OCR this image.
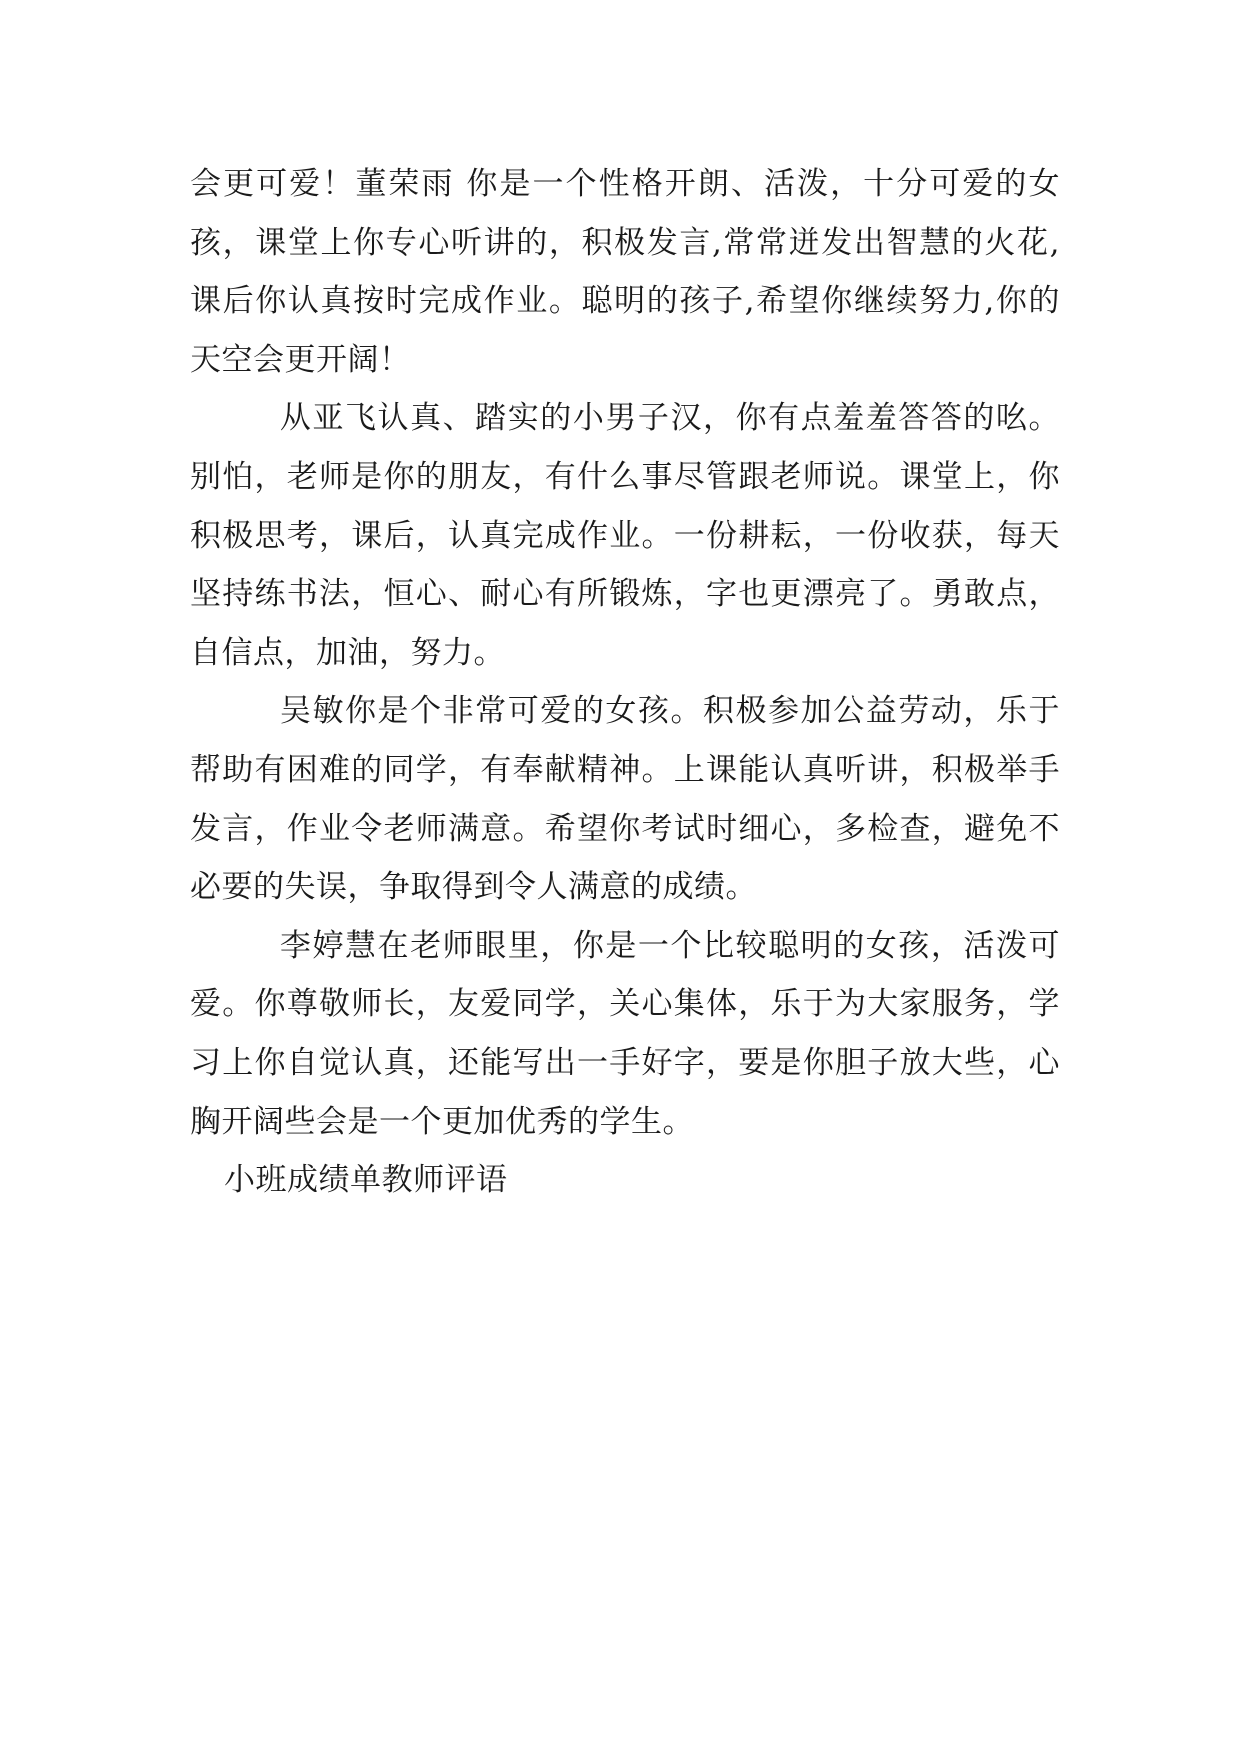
会更可爱！董荣雨 你是一个性格开朗、活泼，十分可爱的女孩，课堂上你专心听讲的，积极发言,常常迸发出智慧的火花,课后你认真按时完成作业。聪明的孩子,希望你继续努力,你的天空会更开阔！

从亚飞认真、踏实的小男子汉，你有点羞羞答答的吆。别怕，老师是你的朋友，有什么事尽管跟老师说。课堂上，你积极思考，课后，认真完成作业。一份耕耘，一份收获，每天坚持练书法，恒心、耐心有所锻炼，字也更漂亮了。勇敢点，自信点，加油，努力。

吴敏你是个非常可爱的女孩。积极参加公益劳动，乐于帮助有困难的同学，有奉献精神。上课能认真听讲，积极举手发言，作业令老师满意。希望你考试时细心，多检查，避免不必要的失误，争取得到令人满意的成绩。

李婷慧在老师眼里，你是一个比较聪明的女孩，活泼可爱。你尊敬师长，友爱同学，关心集体，乐于为大家服务，学习上你自觉认真，还能写出一手好字，要是你胆子放大些，心胸开阔些会是一个更加优秀的学生。

小班成绩单教师评语
